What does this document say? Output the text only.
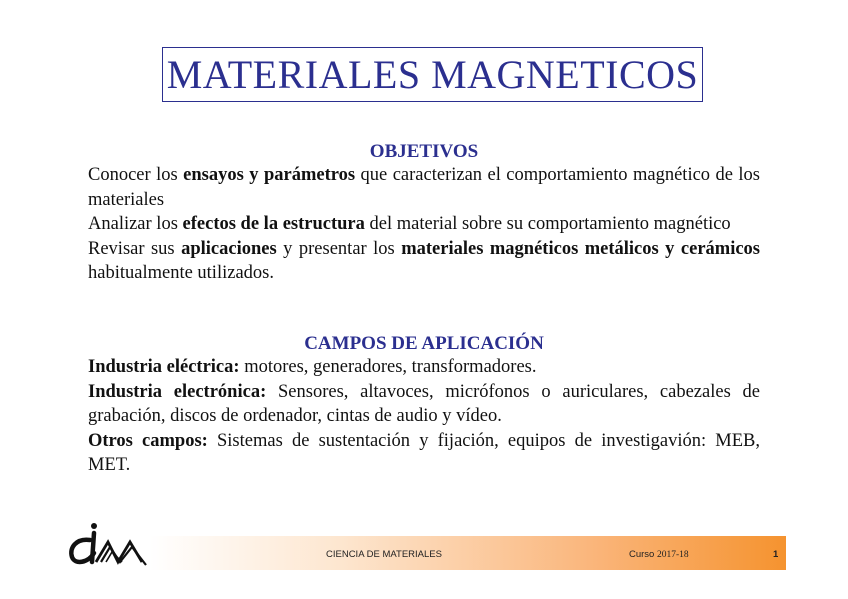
MATERIALES MAGNETICOS
OBJETIVOS

Conocer los ensayos y parámetros que caracterizan el comportamiento magnético de los materiales

Analizar los efectos de la estructura del material sobre su comportamiento magnético

Revisar sus aplicaciones y presentar los materiales magnéticos metálicos y cerámicos habitualmente utilizados.

CAMPOS DE APLICACIÓN

Industria eléctrica: motores, generadores, transformadores.

Industria electrónica: Sensores, altavoces, micrófonos o auriculares, cabezales de grabación, discos de ordenador, cintas de audio y vídeo.

Otros campos: Sistemas de sustentación y fijación, equipos de investigavión: MEB, MET.

CIENCIA DE MATERIALES	Curso 2017-18	1
